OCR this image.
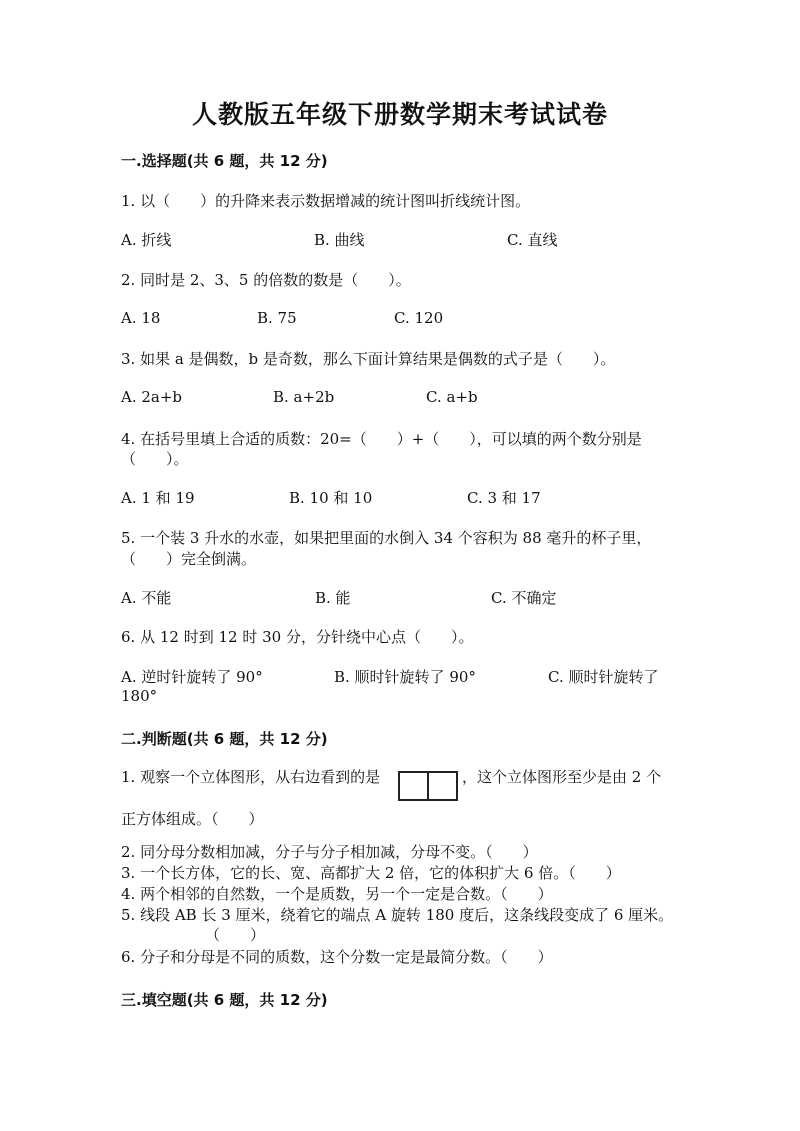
人教版五年级下册数学期末考试试卷
一.选择题(共 6 题，共 12 分)
1. 以（　　）的升降来表示数据增减的统计图叫折线统计图。
A. 折线	B. 曲线	C. 直线
2. 同时是 2、3、5 的倍数的数是（　　）。
A. 18	B. 75	C. 120
3. 如果 a 是偶数，b 是奇数，那么下面计算结果是偶数的式子是（　　）。
A. 2a+b	B. a+2b	C. a+b
4. 在括号里填上合适的质数：20=（　　）+（　　），可以填的两个数分别是
（　　）。
A. 1 和 19	B. 10 和 10	C. 3 和 17
5. 一个装 3 升水的水壶，如果把里面的水倒入 34 个容积为 88 毫升的杯子里，
（　　）完全倒满。
A. 不能	B. 能	C. 不确定
6. 从 12 时到 12 时 30 分，分针绕中心点（　　）。
A. 逆时针旋转了 90°	B. 顺时针旋转了 90°	C. 顺时针旋转了
180°
二.判断题(共 6 题，共 12 分)
1. 观察一个立体图形，从右边看到的是	，这个立体图形至少是由 2 个
正方体组成。（　　）
2. 同分母分数相加减，分子与分子相加减，分母不变。（　　）
3. 一个长方体，它的长、宽、高都扩大 2 倍，它的体积扩大 6 倍。（　　）
4. 两个相邻的自然数，一个是质数，另一个一定是合数。（　　）
5. 线段 AB 长 3 厘米，绕着它的端点 A 旋转 180 度后，这条线段变成了 6 厘米。
（　　）
6. 分子和分母是不同的质数，这个分数一定是最简分数。（　　）
三.填空题(共 6 题，共 12 分)
